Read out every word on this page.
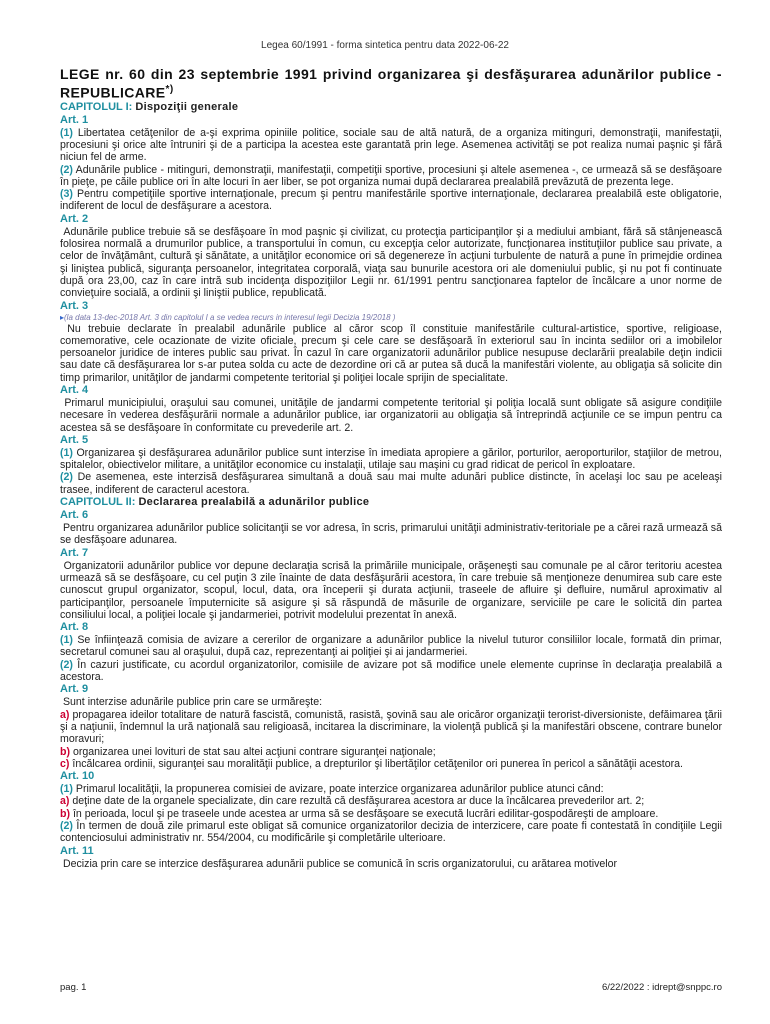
Legea 60/1991 - forma sintetica pentru data 2022-06-22
LEGE nr. 60 din 23 septembrie 1991 privind organizarea şi desfăşurarea adunărilor publice - REPUBLICARE*)
CAPITOLUL I: Dispoziţii generale
Art. 1
(1) Libertatea cetăţenilor de a-şi exprima opiniile politice, sociale sau de altă natură, de a organiza mitinguri, demonstraţii, manifestaţii, procesiuni şi orice alte întruniri şi de a participa la acestea este garantată prin lege. Asemenea activităţi se pot realiza numai paşnic şi fără niciun fel de arme.
(2) Adunările publice - mitinguri, demonstraţii, manifestaţii, competiţii sportive, procesiuni şi altele asemenea -, ce urmează să se desfăşoare în pieţe, pe căile publice ori în alte locuri în aer liber, se pot organiza numai după declararea prealabilă prevăzută de prezenta lege.
(3) Pentru competiţiile sportive internaţionale, precum şi pentru manifestările sportive internaţionale, declararea prealabilă este obligatorie, indiferent de locul de desfăşurare a acestora.
Art. 2
Adunările publice trebuie să se desfăşoare în mod paşnic şi civilizat, cu protecţia participanţilor şi a mediului ambiant, fără să stânjenească folosirea normală a drumurilor publice, a transportului în comun, cu excepţia celor autorizate, funcţionarea instituţiilor publice sau private, a celor de învăţământ, cultură şi sănătate, a unităţilor economice ori să degenereze în acţiuni turbulente de natură a pune în primejdie ordinea şi liniştea publică, siguranţa persoanelor, integritatea corporală, viaţa sau bunurile acestora ori ale domeniului public, şi nu pot fi continuate după ora 23,00, caz în care intră sub incidenţa dispoziţiilor Legii nr. 61/1991 pentru sancţionarea faptelor de încălcare a unor norme de convieţuire socială, a ordinii şi liniştii publice, republicată.
Art. 3
▸(la data 13-dec-2018 Art. 3 din capitolul I a se vedea recurs in interesul legii Decizia 19/2018 )
Nu trebuie declarate în prealabil adunările publice al căror scop îl constituie manifestările cultural-artistice, sportive, religioase, comemorative, cele ocazionate de vizite oficiale, precum şi cele care se desfăşoară în exteriorul sau în incinta sediilor ori a imobilelor persoanelor juridice de interes public sau privat. În cazul în care organizatorii adunărilor publice nesupuse declarării prealabile deţin indicii sau date că desfăşurarea lor s-ar putea solda cu acte de dezordine ori că ar putea să ducă la manifestări violente, au obligaţia să solicite din timp primarilor, unităţilor de jandarmi competente teritorial şi poliţiei locale sprijin de specialitate.
Art. 4
Primarul municipiului, oraşului sau comunei, unităţile de jandarmi competente teritorial şi poliţia locală sunt obligate să asigure condiţiile necesare în vederea desfăşurării normale a adunărilor publice, iar organizatorii au obligaţia să întreprindă acţiunile ce se impun pentru ca acestea să se desfăşoare în conformitate cu prevederile art. 2.
Art. 5
(1) Organizarea şi desfăşurarea adunărilor publice sunt interzise în imediata apropiere a gărilor, porturilor, aeroporturilor, staţiilor de metrou, spitalelor, obiectivelor militare, a unităţilor economice cu instalaţii, utilaje sau maşini cu grad ridicat de pericol în exploatare.
(2) De asemenea, este interzisă desfăşurarea simultană a două sau mai multe adunări publice distincte, în acelaşi loc sau pe aceleaşi trasee, indiferent de caracterul acestora.
CAPITOLUL II: Declararea prealabilă a adunărilor publice
Art. 6
Pentru organizarea adunărilor publice solicitanţii se vor adresa, în scris, primarului unităţii administrativ-teritoriale pe a cărei rază urmează să se desfăşoare adunarea.
Art. 7
Organizatorii adunărilor publice vor depune declaraţia scrisă la primăriile municipale, orăşeneşti sau comunale pe al căror teritoriu acestea urmează să se desfăşoare, cu cel puţin 3 zile înainte de data desfăşurării acestora, în care trebuie să menţioneze denumirea sub care este cunoscut grupul organizator, scopul, locul, data, ora începerii şi durata acţiunii, traseele de afluire şi defluire, numărul aproximativ al participanţilor, persoanele împuternicite să asigure şi să răspundă de măsurile de organizare, serviciile pe care le solicită din partea consiliului local, a poliţiei locale şi jandarmeriei, potrivit modelului prezentat în anexă.
Art. 8
(1) Se înfiinţează comisia de avizare a cererilor de organizare a adunărilor publice la nivelul tuturor consiliilor locale, formată din primar, secretarul comunei sau al oraşului, după caz, reprezentanţi ai poliţiei şi ai jandarmeriei.
(2) În cazuri justificate, cu acordul organizatorilor, comisiile de avizare pot să modifice unele elemente cuprinse în declaraţia prealabilă a acestora.
Art. 9
Sunt interzise adunările publice prin care se urmăreşte:
a) propagarea ideilor totalitare de natură fascistă, comunistă, rasistă, şovină sau ale oricăror organizaţii terorist-diversioniste, defăimarea ţării şi a naţiunii, îndemnul la ură naţională sau religioasă, incitarea la discriminare, la violenţă publică şi la manifestări obscene, contrare bunelor moravuri;
b) organizarea unei lovituri de stat sau altei acţiuni contrare siguranţei naţionale;
c) încălcarea ordinii, siguranţei sau moralităţii publice, a drepturilor şi libertăţilor cetăţenilor ori punerea în pericol a sănătăţii acestora.
Art. 10
(1) Primarul localităţii, la propunerea comisiei de avizare, poate interzice organizarea adunărilor publice atunci când:
a) deţine date de la organele specializate, din care rezultă că desfăşurarea acestora ar duce la încălcarea prevederilor art. 2;
b) în perioada, locul şi pe traseele unde acestea ar urma să se desfăşoare se execută lucrări edilitar-gospodăreşti de amploare.
(2) În termen de două zile primarul este obligat să comunice organizatorilor decizia de interzicere, care poate fi contestată în condiţiile Legii contenciosului administrativ nr. 554/2004, cu modificările şi completările ulterioare.
Art. 11
Decizia prin care se interzice desfăşurarea adunării publice se comunică în scris organizatorului, cu arătarea motivelor
pag. 1	6/22/2022 : idrept@snppc.ro
